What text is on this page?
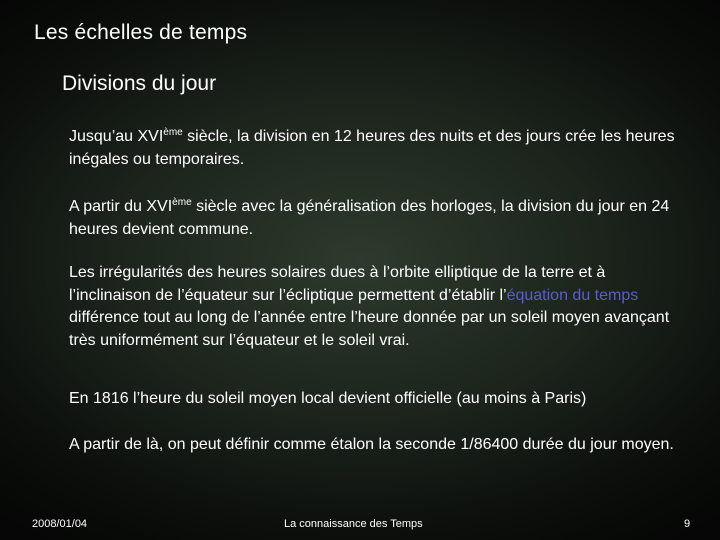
Les échelles de temps
Divisions du jour

Jusqu’au XVIème siècle, la division en 12 heures des nuits et des jours crée les heures inégales ou temporaires.

A partir du XVIème siècle avec la généralisation des horloges, la division du jour en 24 heures devient commune.

Les irrégularités des heures solaires dues à l’orbite elliptique de la terre et à l’inclinaison de l’équateur sur l’écliptique permettent d’établir l’équation du temps différence tout au long de l’année entre l’heure donnée par un soleil moyen avançant très uniformément sur l’équateur et le soleil vrai.

En 1816 l’heure du soleil moyen local devient officielle (au moins à Paris)

A partir de là, on peut définir comme étalon la seconde 1/86400 durée du jour moyen.

2008/01/04	La connaissance des Temps	9
